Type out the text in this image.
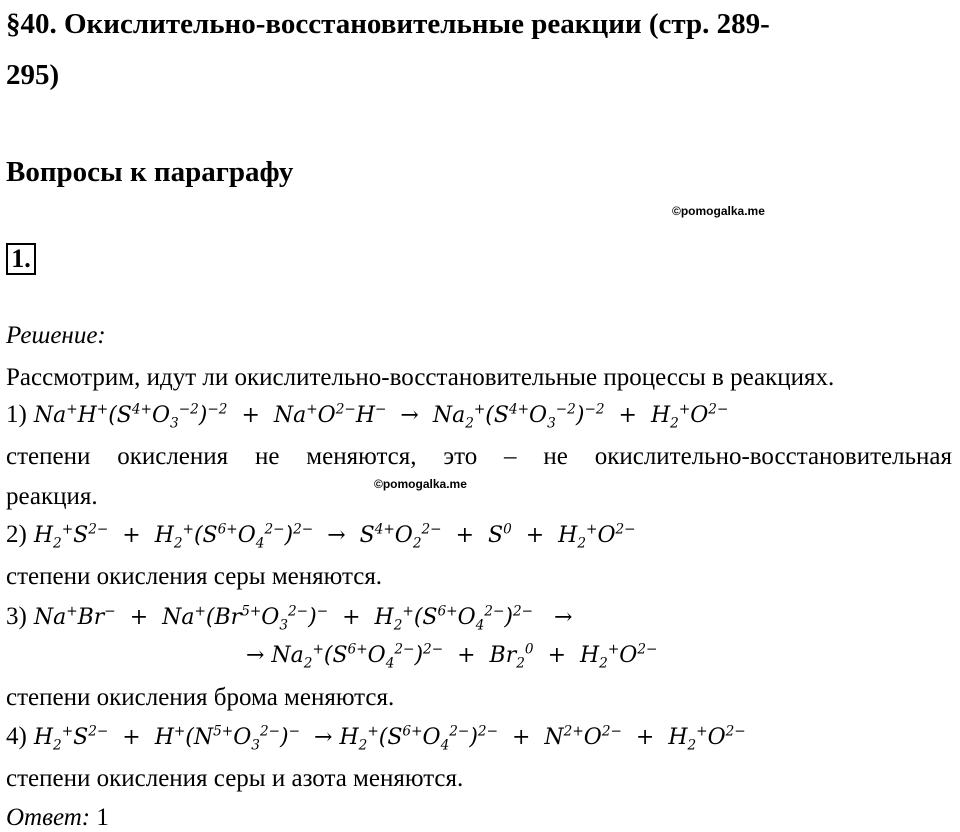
§40. Окислительно-восстановительные реакции (стр. 289-
295)
Вопросы к параграфу
©pomogalka.me
1.
Решение:
Рассмотрим, идут ли окислительно-восстановительные процессы в реакциях.
1) $Na^+H^+(S^{4+}O_3^{-2})^{-2} + Na^+O^{2-}H^- \to Na_2^+(S^{4+}O_3^{-2})^{-2} + H_2^+O^{2-}$
степени окисления не меняются, это – не окислительно-восстановительная
реакция.	©pomogalka.me
2) $H_2^+S^{2-} + H_2^+(S^{6+}O_4^{2-})^{2-} \to S^{4+}O_2^{2-} + S^0 + H_2^+O^{2-}$
степени окисления серы меняются.
3) $Na^+Br^- + Na^+(Br^{5+}O_3^{2-})^- + H_2^+(S^{6+}O_4^{2-})^{2-}$   →
→ $Na_2^+(S^{6+}O_4^{2-})^{2-} + Br_2^0 + H_2^+O^{2-}$
степени окисления брома меняются.
4) $H_2^+S^{2-} + H^+(N^{5+}O_3^{2-})^- \to H_2^+(S^{6+}O_4^{2-})^{2-} + N^{2+}O^{2-} + H_2^+O^{2-}$
степени окисления серы и азота меняются.
Ответ: 1
